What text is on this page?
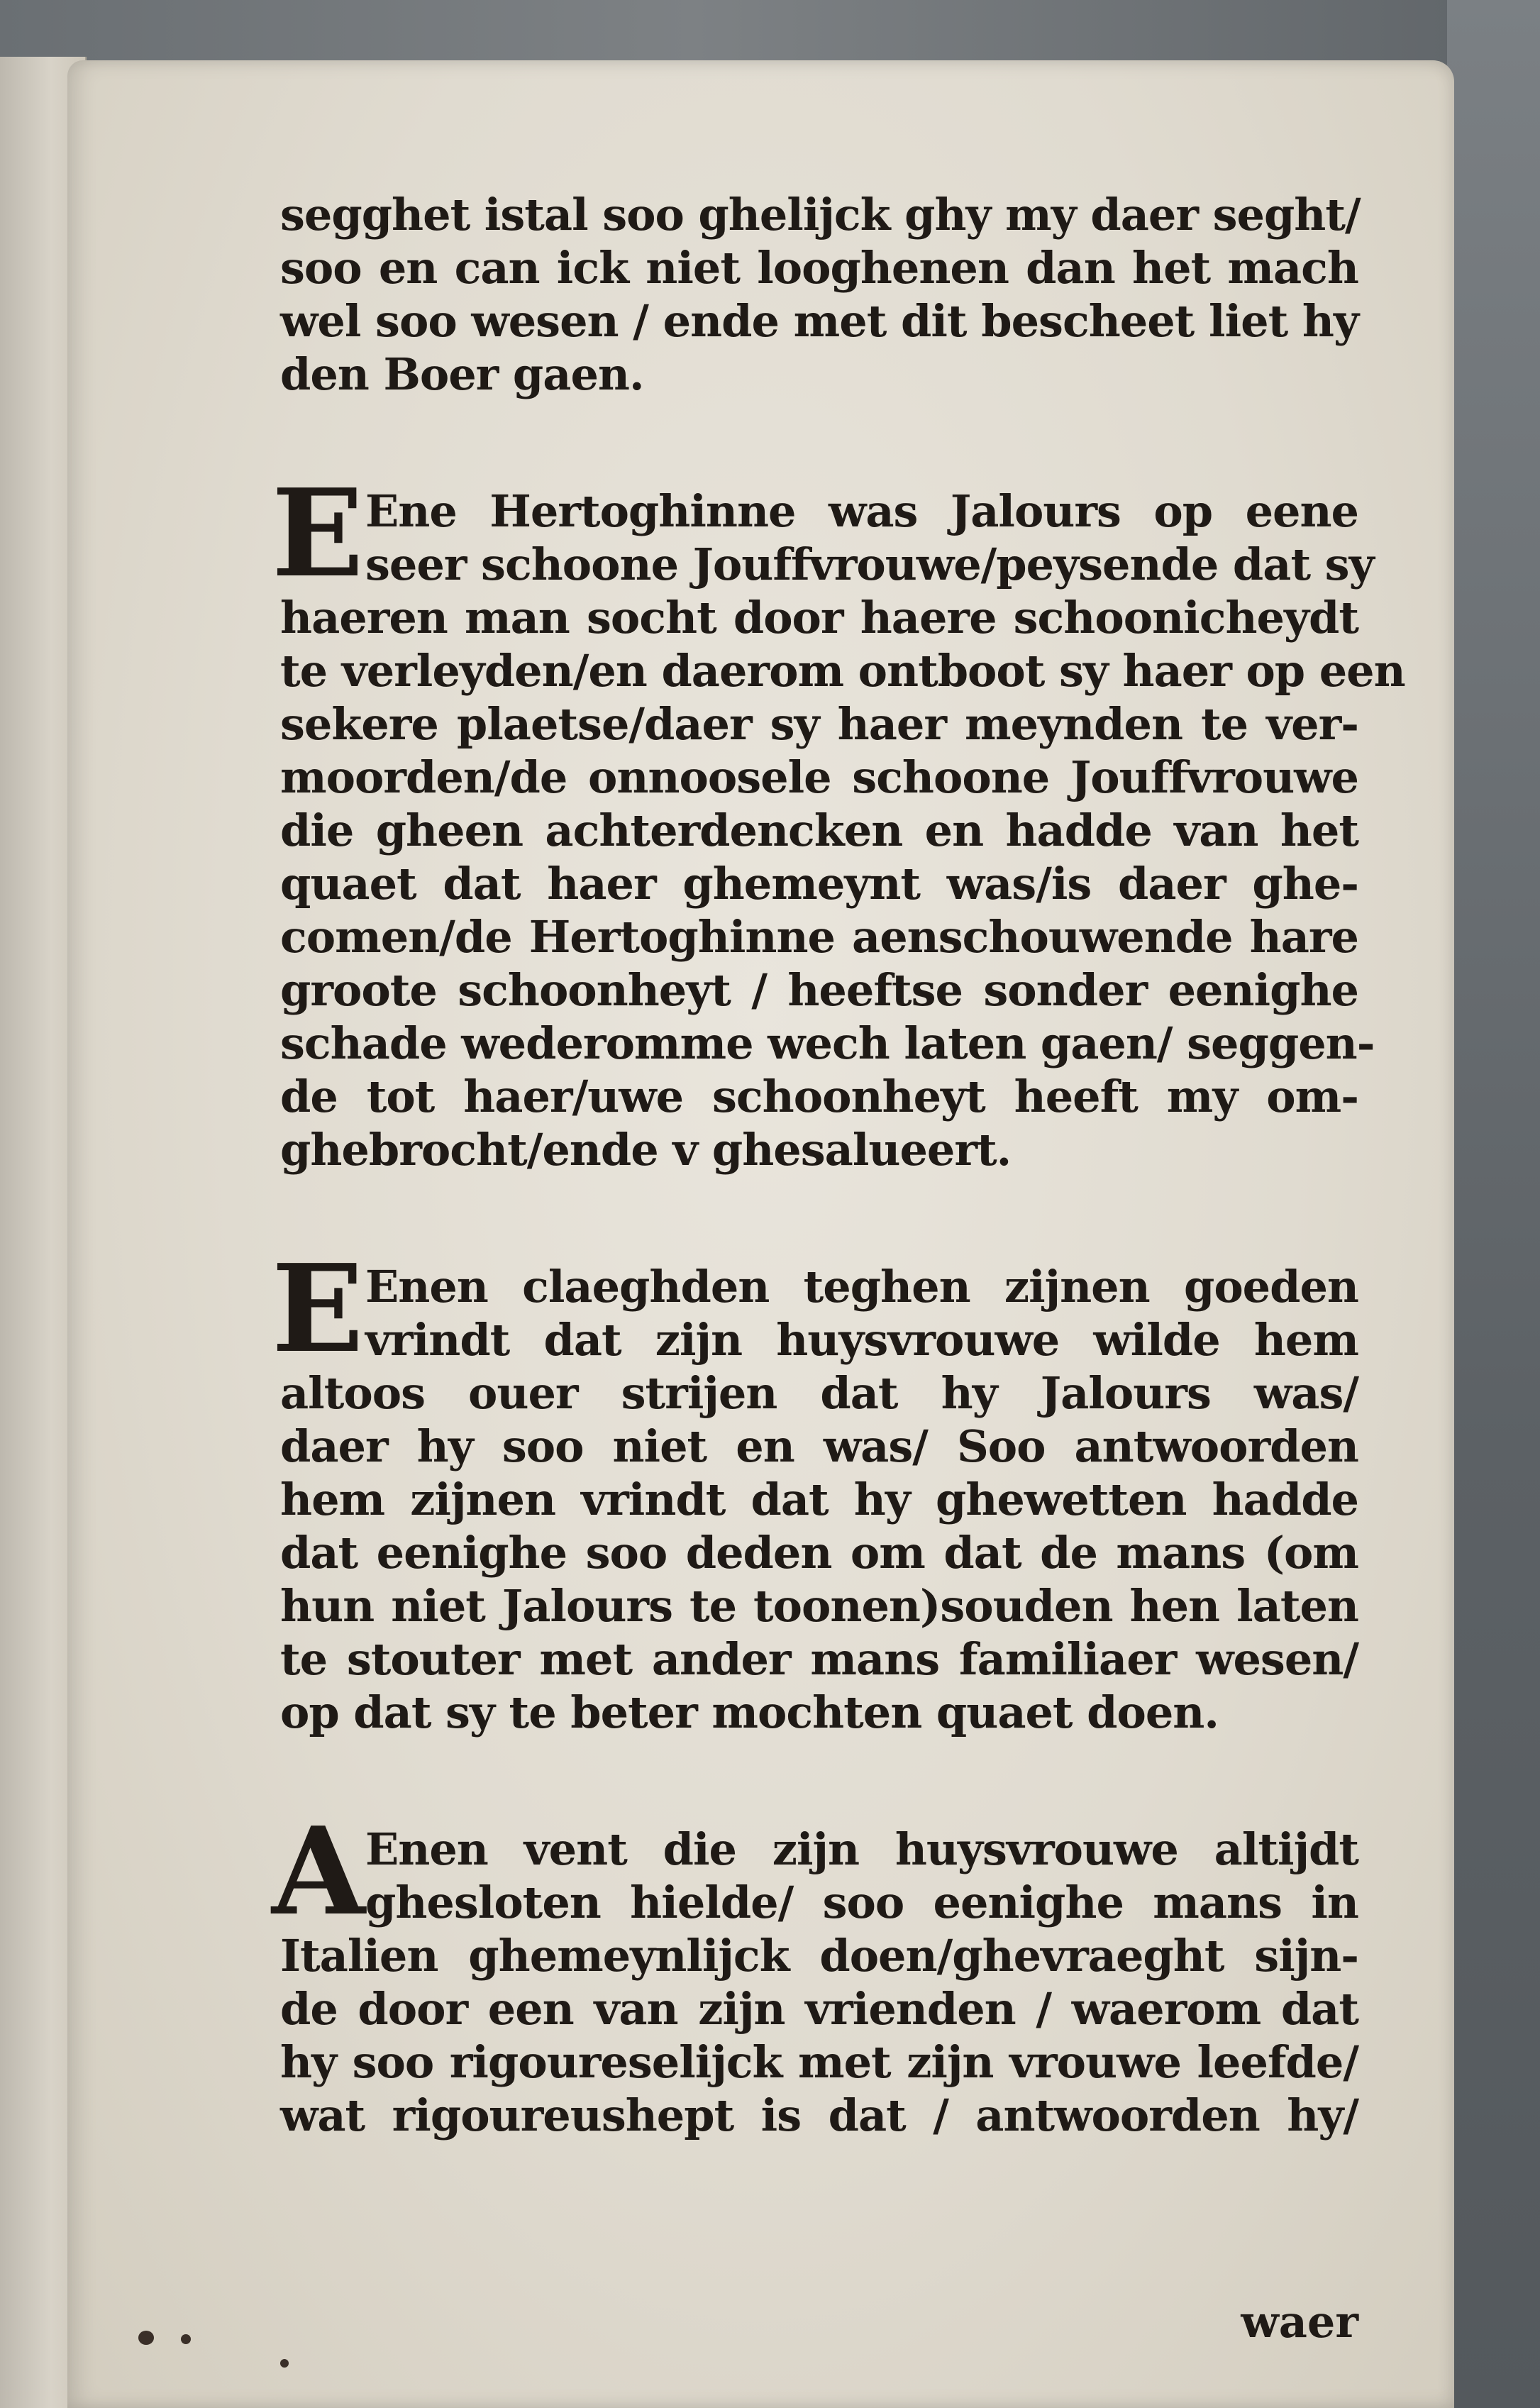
segghet istal soo ghelijck ghy my daer seght/
soo en can ick niet looghenen dan het mach
wel soo wesen / ende met dit bescheet liet hy
den Boer gaen.
E Ene Hertoghinne was Jalours op eene
seer schoone Jouffvrouwe/peysende dat sy
haeren man socht door haere schoonicheydt
te verleyden/en daerom ontboot sy haer op een
sekere plaetse/daer sy haer meynden te ver-
moorden/de onnoosele schoone Jouffvrouwe
die gheen achterdencken en hadde van het
quaet dat haer ghemeynt was/is daer ghe-
comen/de Hertoghinne aenschouwende hare
groote schoonheyt / heeftse sonder eenighe
schade wederomme wech laten gaen/ seggen-
de tot haer/uwe schoonheyt heeft my om-
ghebrocht/ende v ghesalueert.
E Enen claeghden teghen zijnen goeden
vrindt dat zijn huysvrouwe wilde hem
altoos ouer strijen dat hy Jalours was/
daer hy soo niet en was/ Soo antwoorden
hem zijnen vrindt dat hy ghewetten hadde
dat eenighe soo deden om dat de mans (om
hun niet Jalours te toonen)souden hen laten
te stouter met ander mans familiaer wesen/
op dat sy te beter mochten quaet doen.
A Enen vent die zijn huysvrouwe altijdt
ghesloten hielde/ soo eenighe mans in
Italien ghemeynlijck doen/ghevraeght sijn-
de door een van zijn vrienden / waerom dat
hy soo rigoureselijck met zijn vrouwe leefde/
wat rigoureushept is dat / antwoorden hy/
waer
